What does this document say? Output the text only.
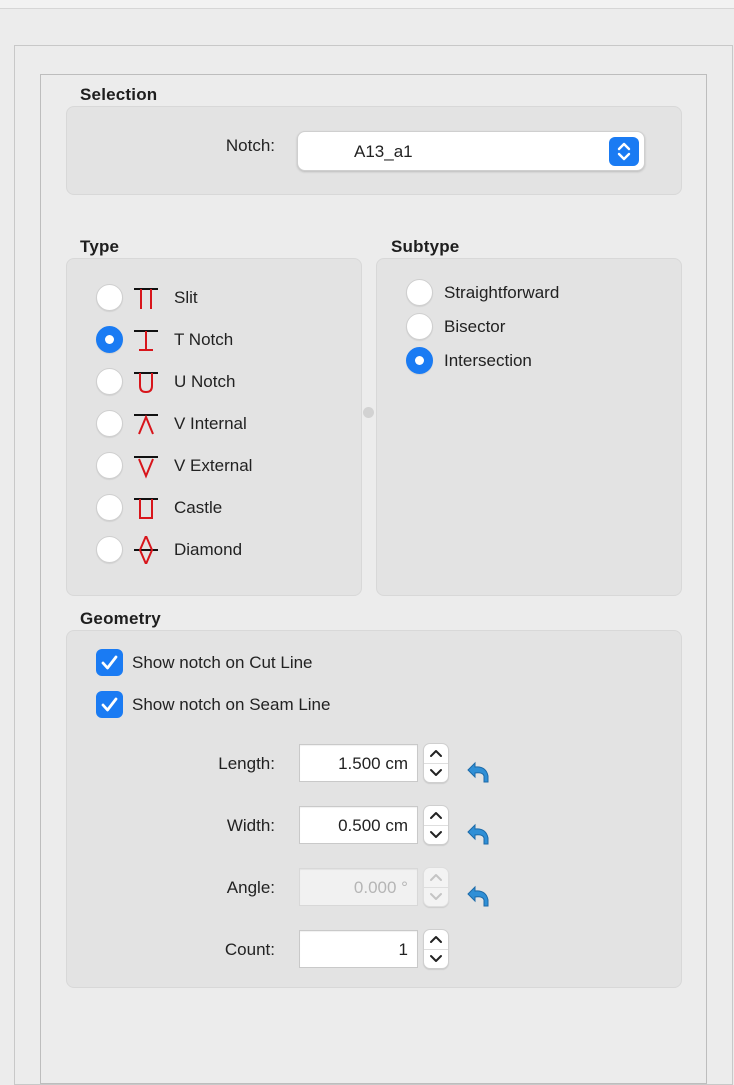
Selection
Notch:	A13_a1
Type
Slit
T Notch
U Notch
V Internal
V External
Castle
Diamond
Subtype
Straightforward
Bisector
Intersection
Geometry
Show notch on Cut Line
Show notch on Seam Line
Length:	1.500 cm
Width:	0.500 cm
Angle:	0.000 °
Count:	1
